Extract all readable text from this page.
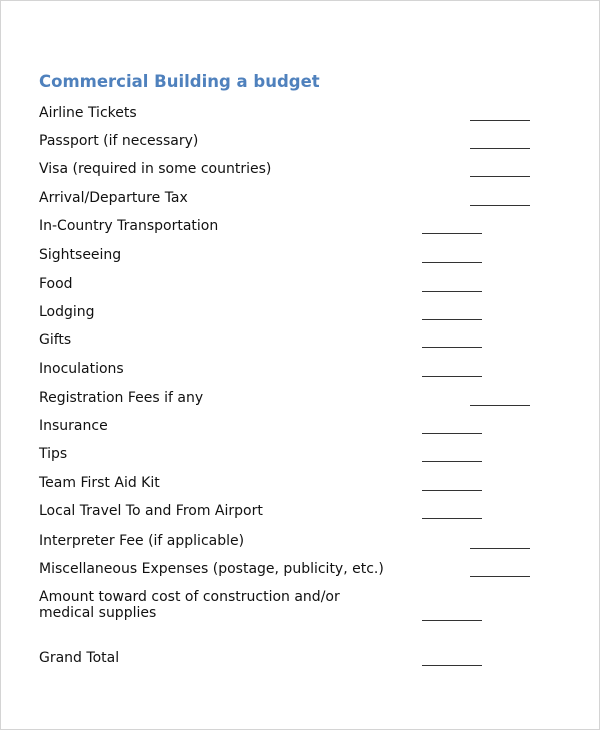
Commercial Building a budget
Airline Tickets
Passport (if necessary)
Visa (required in some countries)
Arrival/Departure Tax
In-Country Transportation
Sightseeing
Food
Lodging
Gifts
Inoculations
Registration Fees if any
Insurance
Tips
Team First Aid Kit
Local Travel To and From Airport
Interpreter Fee (if applicable)
Miscellaneous Expenses (postage, publicity, etc.)
Amount toward cost of construction and/or
medical supplies
Grand Total
